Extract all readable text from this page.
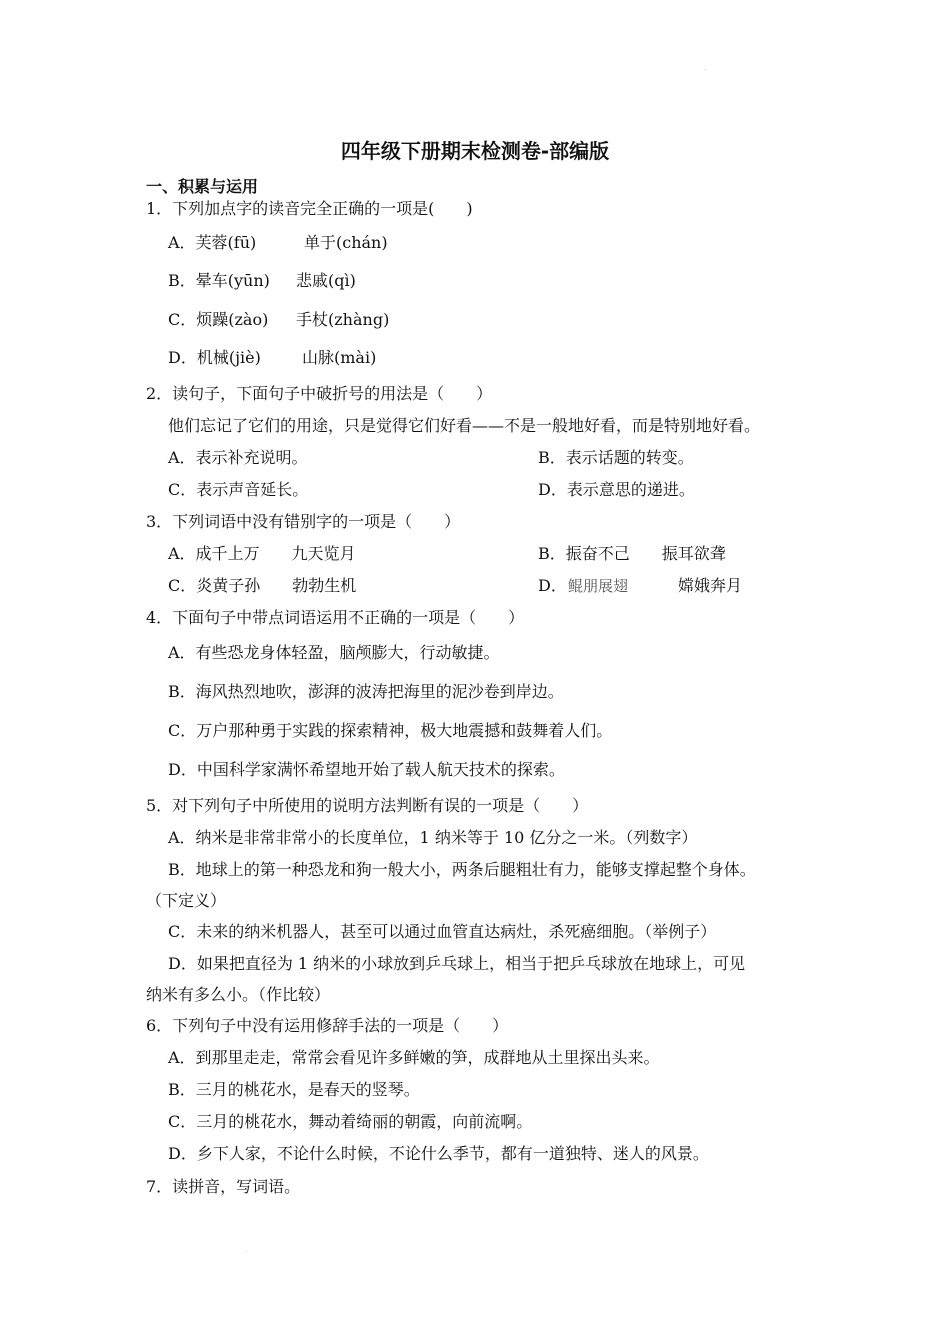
·
四年级下册期末检测卷-部编版
一、积累与运用
1．下列加点字的读音完全正确的一项是(　　)
A．芙蓉(fū)	单于(chán)
B．晕车(yūn) 悲戚(qì)
C．烦躁(zào) 手杖(zhàng)
D．机械(jiè)	山脉(mài)
2．读句子，下面句子中破折号的用法是（　　）
他们忘记了它们的用途，只是觉得它们好看——不是一般地好看，而是特别地好看。
A．表示补充说明。	B．表示话题的转变。
C．表示声音延长。	D．表示意思的递进。
3．下列词语中没有错别字的一项是（　　）
A．成千上万　　九天览月	B．振奋不己　　振耳欲聋
C．炎黄子孙　　勃勃生机	D． 鲲朋展翅	嫦娥奔月
4．下面句子中带点词语运用不正确的一项是（　　）
A．有些恐龙身体轻盈，脑颅膨大，行动敏捷。
B．海风热烈地吹，澎湃的波涛把海里的泥沙卷到岸边。
C．万户那种勇于实践的探索精神，极大地震撼和鼓舞着人们。
D．中国科学家满怀希望地开始了载人航天技术的探索。
5．对下列句子中所使用的说明方法判断有误的一项是（　　）
A．纳米是非常非常小的长度单位，1 纳米等于 10 亿分之一米。（列数字）
B．地球上的第一种恐龙和狗一般大小，两条后腿粗壮有力，能够支撑起整个身体。
（下定义）
C．未来的纳米机器人，甚至可以通过血管直达病灶，杀死癌细胞。（举例子）
D．如果把直径为 1 纳米的小球放到乒乓球上，相当于把乒乓球放在地球上，可见
纳米有多么小。（作比较）
6．下列句子中没有运用修辞手法的一项是（　　）
A．到那里走走，常常会看见许多鲜嫩的笋，成群地从土里探出头来。
B．三月的桃花水，是春天的竖琴。
C．三月的桃花水，舞动着绮丽的朝霞，向前流啊。
D．乡下人家，不论什么时候，不论什么季节，都有一道独特、迷人的风景。
7．读拼音，写词语。
·
